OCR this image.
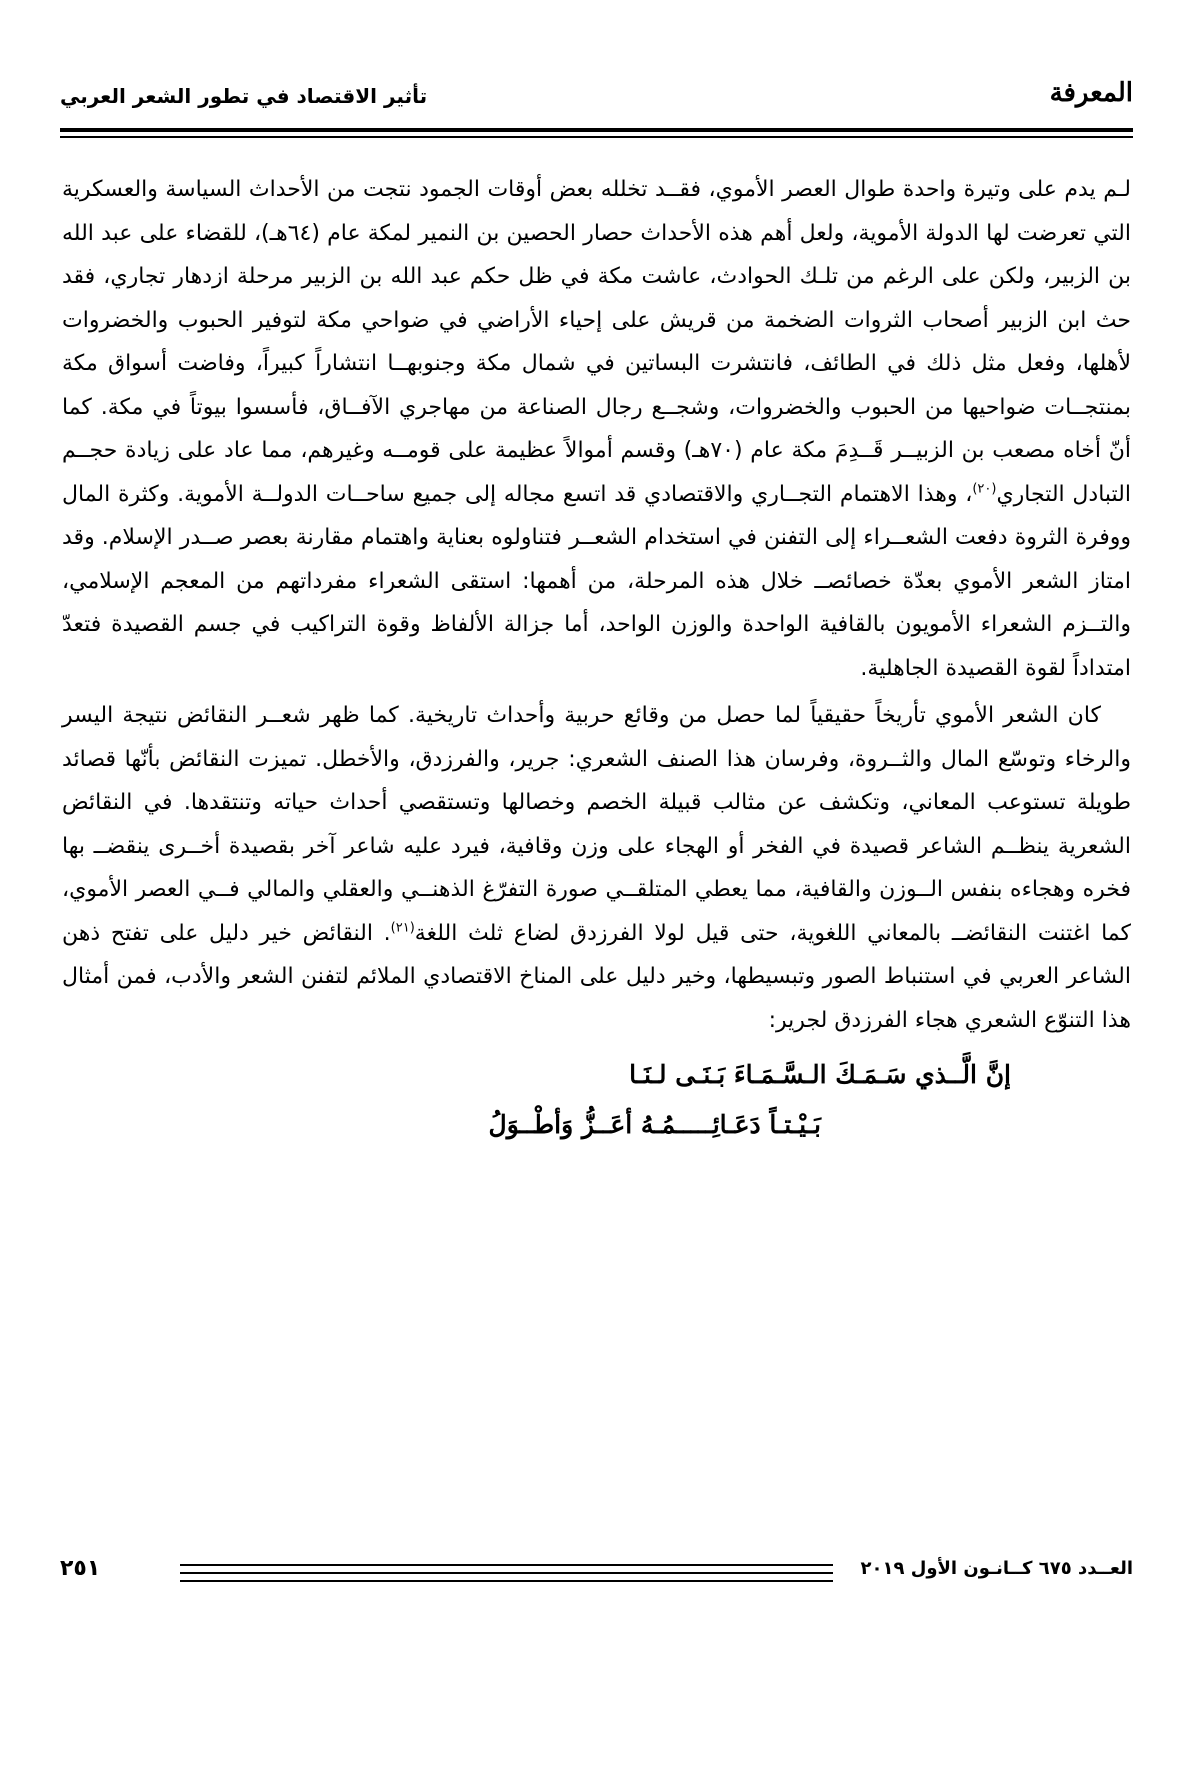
المعرفة
تأثير الاقتصاد في تطور الشعر العربي

لـم يدم على وتيرة واحدة طوال العصر الأموي، فقــد تخلله بعض أوقات الجمود نتجت من الأحداث السياسة والعسكرية التي تعرضت لها الدولة الأموية، ولعل أهم هذه الأحداث حصار الحصين بن النمير لمكة عام (٦٤هـ)، للقضاء على عبد الله بن الزبير، ولكن على الرغم من تلـك الحوادث، عاشت مكة في ظل حكم عبد الله بن الزبير مرحلة ازدهار تجاري، فقد حث ابن الزبير أصحاب الثروات الضخمة من قريش على إحياء الأراضي في ضواحي مكة لتوفير الحبوب والخضروات لأهلها، وفعل مثل ذلك في الطائف، فانتشرت البساتين في شمال مكة وجنوبهــا انتشاراً كبيراً، وفاضت أسواق مكة بمنتجــات ضواحيها من الحبوب والخضروات، وشجــع رجال الصناعة من مهاجري الآفــاق، فأسسوا بيوتاً في مكة. كما أنّ أخاه مصعب بن الزبيــر قَــدِمَ مكة عام (٧٠هـ) وقسم أموالاً عظيمة على قومــه وغيرهم، مما عاد على زيادة حجــم التبادل التجاري$^{(٢٠)}$، وهذا الاهتمام التجــاري والاقتصادي قد اتسع مجاله إلى جميع ساحــات الدولــة الأموية. وكثرة المال ووفرة الثروة دفعت الشعــراء إلى التفنن في استخدام الشعــر فتناولوه بعناية واهتمام مقارنة بعصر صــدر الإسلام. وقد امتاز الشعر الأموي بعدّة خصائصــ خلال هذه المرحلة، من أهمها: استقى الشعراء مفرداتهم من المعجم الإسلامي، والتــزم الشعراء الأمويون بالقافية الواحدة والوزن الواحد، أما جزالة الألفاظ وقوة التراكيب في جسم القصيدة فتعدّ امتداداً لقوة القصيدة الجاهلية.

كان الشعر الأموي تأريخاً حقيقياً لما حصل من وقائع حربية وأحداث تاريخية. كما ظهر شعــر النقائض نتيجة اليسر والرخاء وتوسّع المال والثــروة، وفرسان هذا الصنف الشعري: جرير، والفرزدق، والأخطل. تميزت النقائض بأنّها قصائد طويلة تستوعب المعاني، وتكشف عن مثالب قبيلة الخصم وخصالها وتستقصي أحداث حياته وتنتقدها. في النقائض الشعرية ينظــم الشاعر قصيدة في الفخر أو الهجاء على وزن وقافية، فيرد عليه شاعر آخر بقصيدة أخــرى ينقضــ بها فخره وهجاءه بنفس الــوزن والقافية، مما يعطي المتلقــي صورة التفرّغ الذهنــي والعقلي والمالي فــي العصر الأموي، كما اغتنت النقائضــ بالمعاني اللغوية، حتى قيل لولا الفرزدق لضاع ثلث اللغة$^{(٢١)}$. النقائض خير دليل على تفتح ذهن الشاعر العربي في استنباط الصور وتبسيطها، وخير دليل على المناخ الاقتصادي الملائم لتفنن الشعر والأدب، فمن أمثال هذا التنوّع الشعري هجاء الفرزدق لجرير:

إنَّ الَّــذي سَـمَـكَ الـسَّـمَـاءَ بَـنَـى لـنَـا
بَـيْـتـاً دَعَـائِـــــمُـهُ أعَــزُّ وَأطْــوَلُ
العــدد ٦٧٥ كــانـون الأول ٢٠١٩
٢٥١
